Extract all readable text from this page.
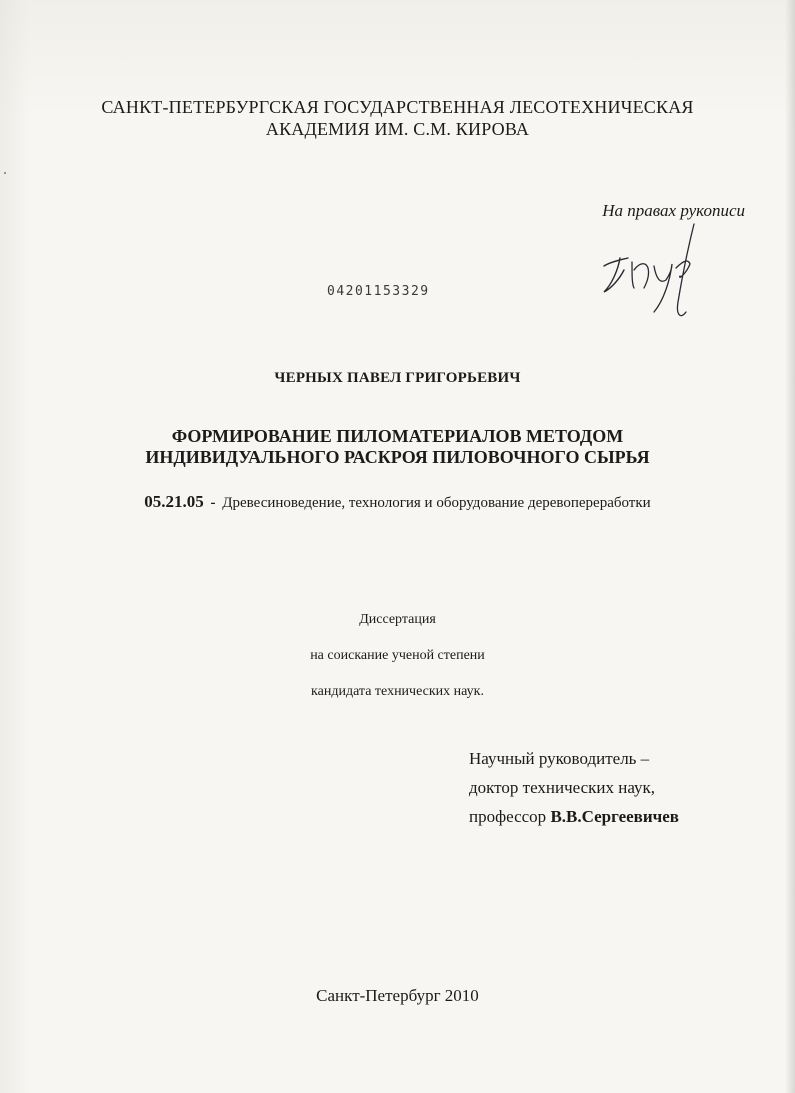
САНКТ-ПЕТЕРБУРГСКАЯ ГОСУДАРСТВЕННАЯ ЛЕСОТЕХНИЧЕСКАЯ
АКАДЕМИЯ ИМ. С.М. КИРОВА
На правах рукописи
04201153329
ЧЕРНЫХ ПАВЕЛ ГРИГОРЬЕВИЧ
ФОРМИРОВАНИЕ ПИЛОМАТЕРИАЛОВ МЕТОДОМ
ИНДИВИДУАЛЬНОГО РАСКРОЯ ПИЛОВОЧНОГО СЫРЬЯ
05.21.05 - Древесиноведение, технология и оборудование деревопереработки
Диссертация
на соискание ученой степени
кандидата технических наук.
Научный руководитель –
доктор технических наук,
профессор В.В.Сергеевичев
Санкт-Петербург 2010
